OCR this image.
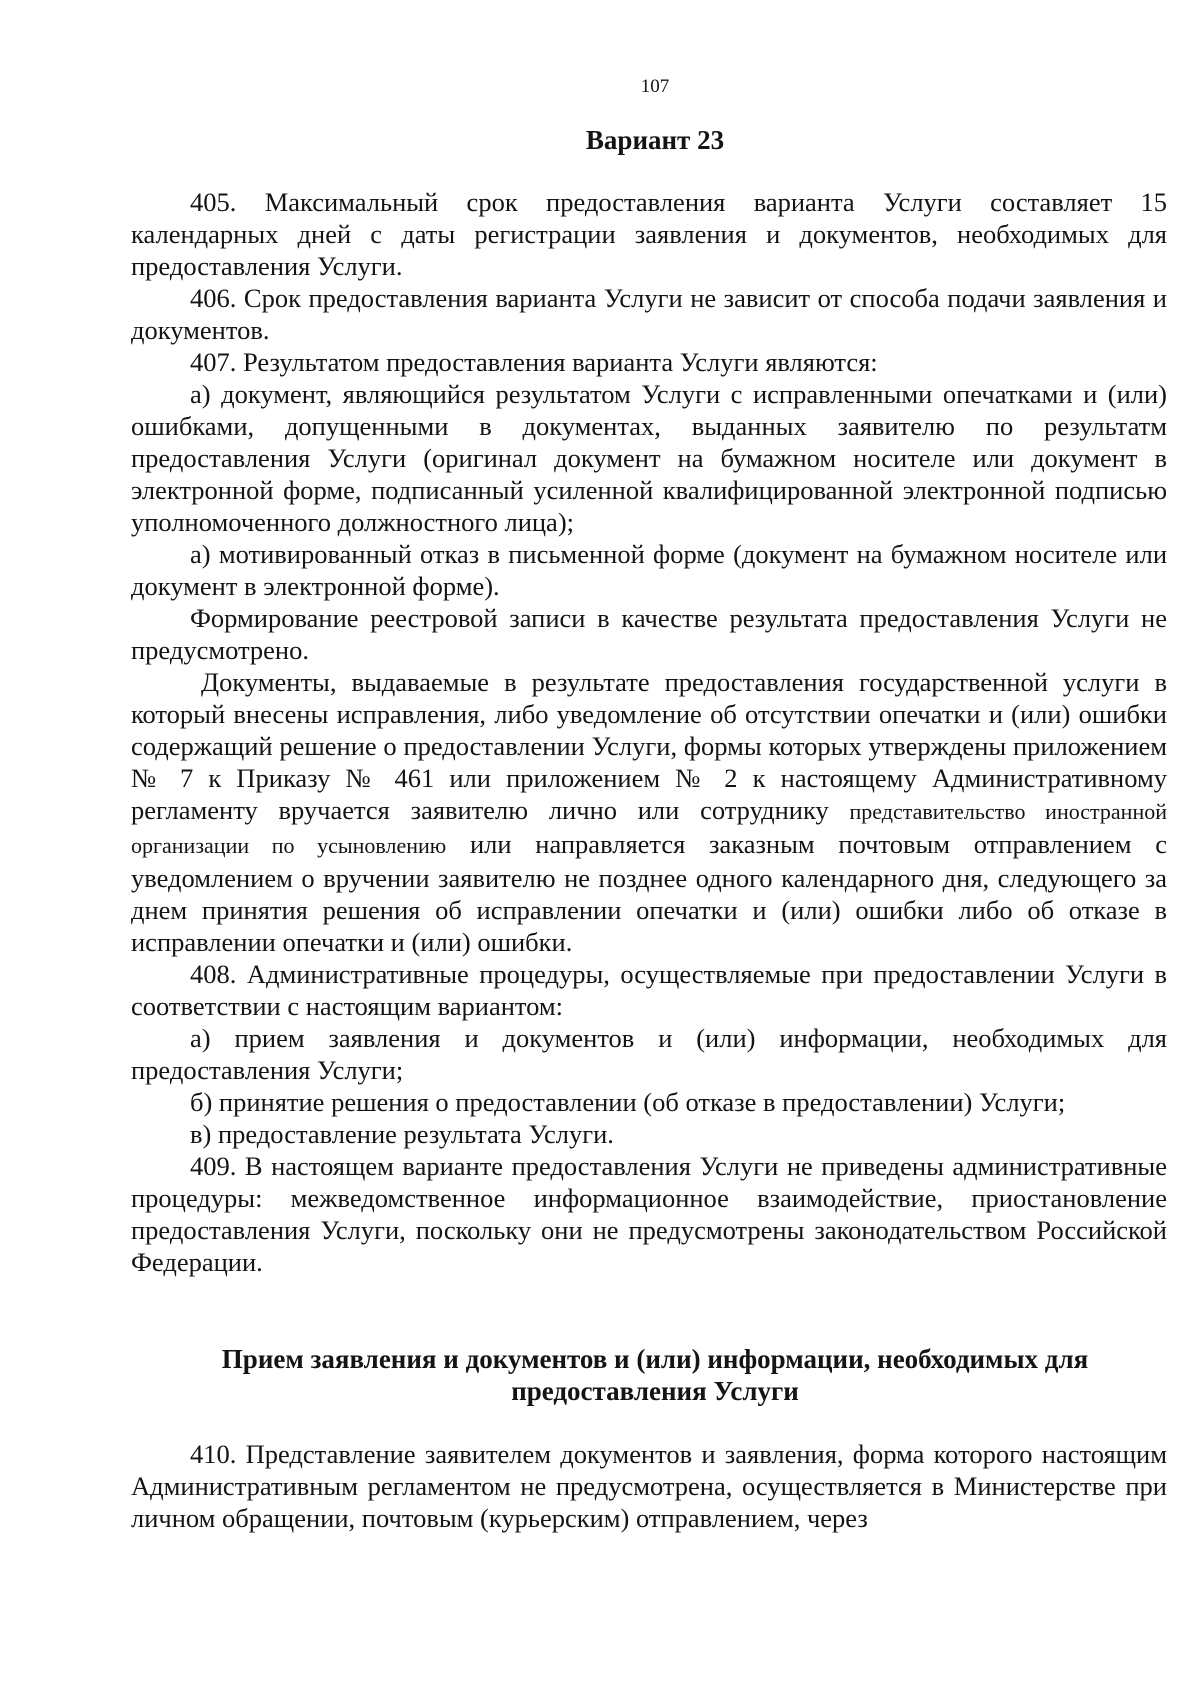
107
Вариант 23

405. Максимальный срок предоставления варианта Услуги составляет 15 календарных дней с даты регистрации заявления и документов, необходимых для предоставления Услуги.

406. Срок предоставления варианта Услуги не зависит от способа подачи заявления и документов.

407. Результатом предоставления варианта Услуги являются:

а) документ, являющийся результатом Услуги с исправленными опечатками и (или) ошибками, допущенными в документах, выданных заявителю по результатм предоставления Услуги (оригинал документ на бумажном носителе или документ в электронной форме, подписанный усиленной квалифицированной электронной подписью уполномоченного должностного лица);

а) мотивированный отказ в письменной форме (документ на бумажном носителе или документ в электронной форме).

Формирование реестровой записи в качестве результата предоставления Услуги не предусмотрено.

Документы, выдаваемые в результате предоставления государственной услуги в который внесены исправления, либо уведомление об отсутствии опечатки и (или) ошибки содержащий решение о предоставлении Услуги, формы которых утверждены приложением № 7 к Приказу № 461 или приложением № 2 к настоящему Административному регламенту вручается заявителю лично или сотруднику представительство иностранной организации по усыновлению или направляется заказным почтовым отправлением с уведомлением о вручении заявителю не позднее одного календарного дня, следующего за днем принятия решения об исправлении опечатки и (или) ошибки либо об отказе в исправлении опечатки и (или) ошибки.

408. Административные процедуры, осуществляемые при предоставлении Услуги в соответствии с настоящим вариантом:

а) прием заявления и документов и (или) информации, необходимых для предоставления Услуги;

б) принятие решения о предоставлении (об отказе в предоставлении) Услуги;

в) предоставление результата Услуги.

409. В настоящем варианте предоставления Услуги не приведены административные процедуры: межведомственное информационное взаимодействие, приостановление предоставления Услуги, поскольку они не предусмотрены законодательством Российской Федерации.

Прием заявления и документов и (или) информации, необходимых для
предоставления Услуги

410. Представление заявителем документов и заявления, форма которого настоящим Административным регламентом не предусмотрена, осуществляется в Министерстве при личном обращении, почтовым (курьерским) отправлением, через
